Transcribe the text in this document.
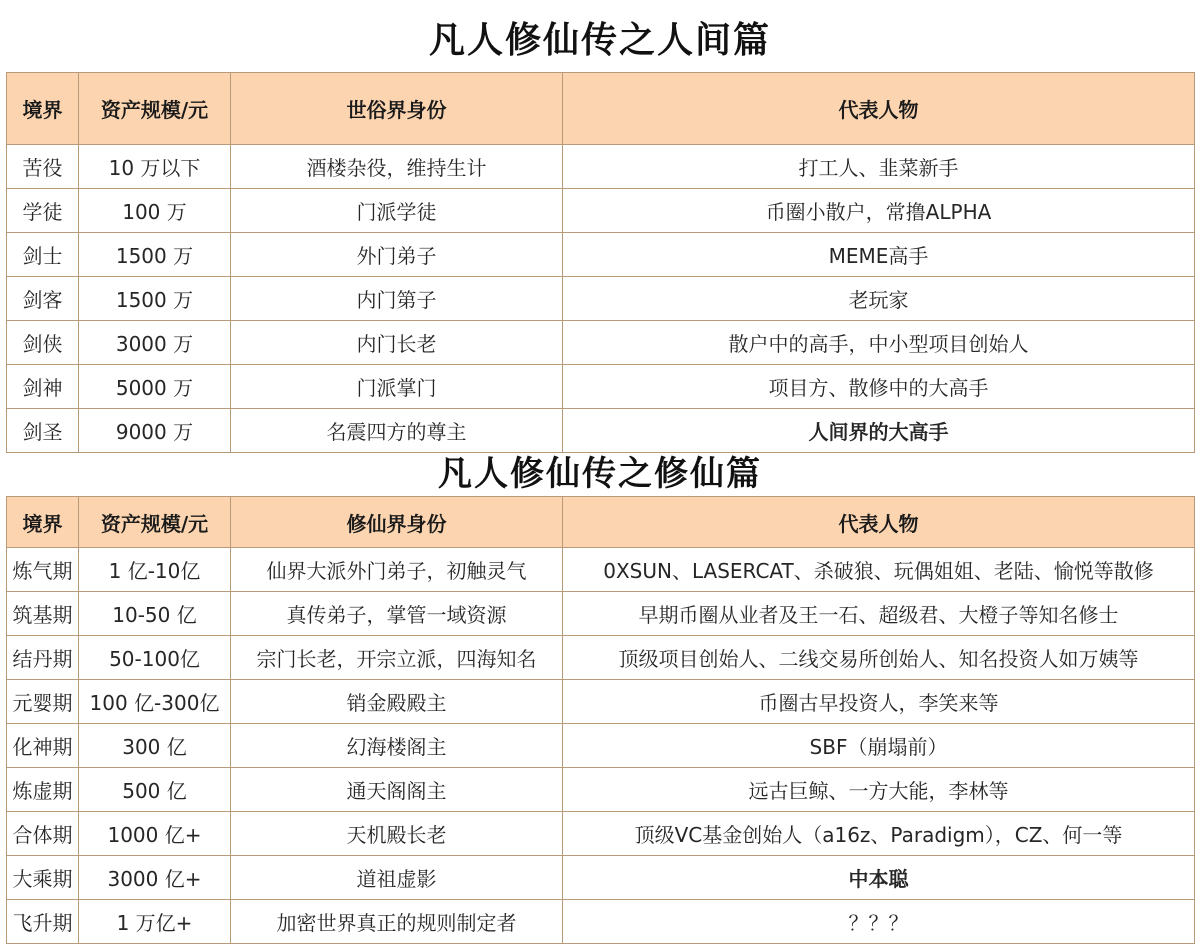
凡人修仙传之人间篇
境界	资产规模/元	世俗界身份	代表人物
苦役	10 万以下	酒楼杂役，维持生计	打工人、韭菜新手
学徒	100 万	门派学徒	币圈小散户，常撸ALPHA
剑士	1500 万	外门弟子	MEME高手
剑客	1500 万	内门第子	老玩家
剑侠	3000 万	内门长老	散户中的高手，中小型项目创始人
剑神	5000 万	门派掌门	项目方、散修中的大高手
剑圣	9000 万	名震四方的尊主	人间界的大高手
凡人修仙传之修仙篇
境界	资产规模/元	修仙界身份	代表人物
炼气期	1 亿-10亿	仙界大派外门弟子，初触灵气	0XSUN、LASERCAT、杀破狼、玩偶姐姐、老陆、愉悦等散修
筑基期	10-50 亿	真传弟子，掌管一域资源	早期币圈从业者及王一石、超级君、大橙子等知名修士
结丹期	50-100亿	宗门长老，开宗立派，四海知名	顶级项目创始人、二线交易所创始人、知名投资人如万姨等
元婴期	100 亿-300亿	销金殿殿主	币圈古早投资人，李笑来等
化神期	300 亿	幻海楼阁主	SBF（崩塌前）
炼虚期	500 亿	通天阁阁主	远古巨鲸、一方大能，李林等
合体期	1000 亿+	天机殿长老	顶级VC基金创始人（a16z、Paradigm），CZ、何一等
大乘期	3000 亿+	道祖虚影	中本聪
飞升期	1 万亿+	加密世界真正的规则制定者	？？？
